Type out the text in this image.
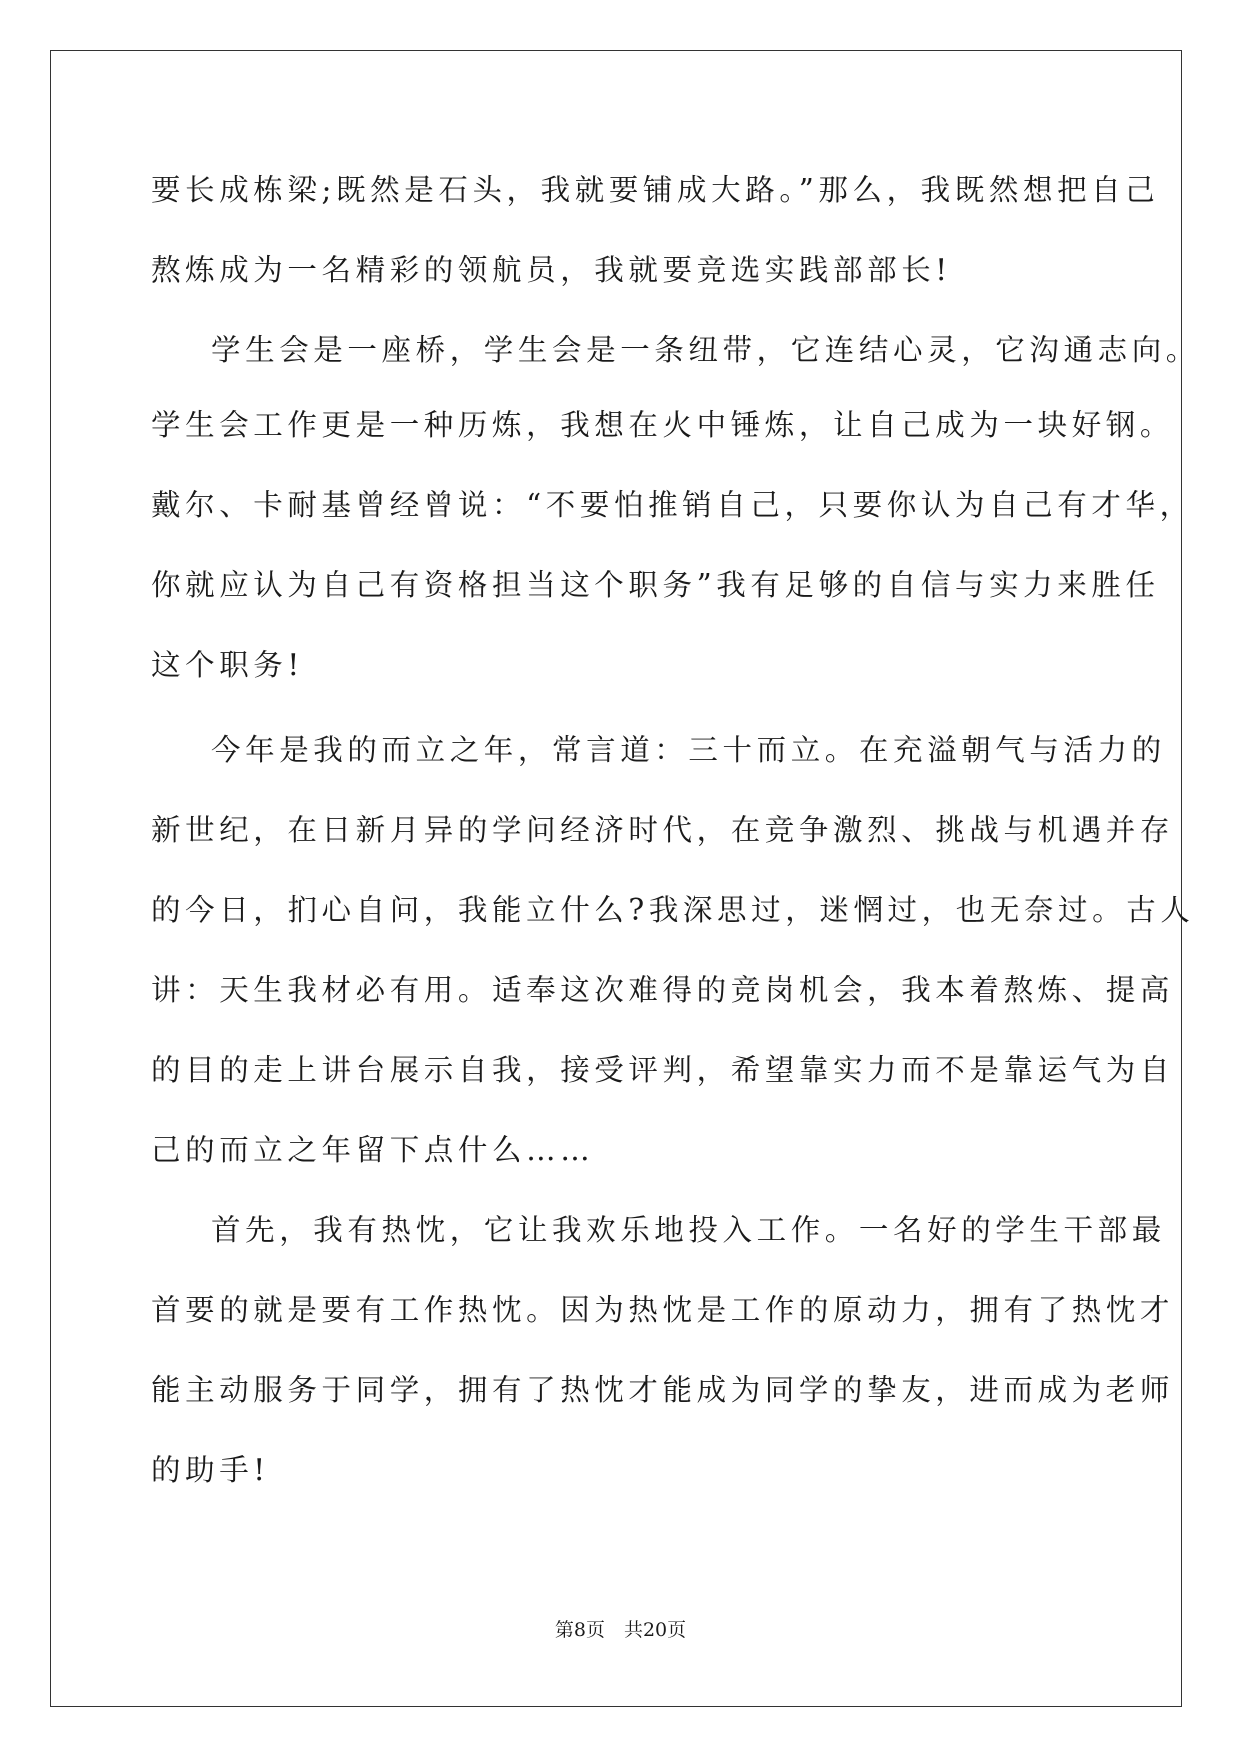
要长成栋梁;既然是石头，我就要铺成大路。”那么，我既然想把自己
熬炼成为一名精彩的领航员，我就要竞选实践部部长!
学生会是一座桥，学生会是一条纽带，它连结心灵，它沟通志向。
学生会工作更是一种历炼，我想在火中锤炼，让自己成为一块好钢。
戴尔、卡耐基曾经曾说：“不要怕推销自己，只要你认为自己有才华，
你就应认为自己有资格担当这个职务”我有足够的自信与实力来胜任
这个职务!
今年是我的而立之年，常言道：三十而立。在充溢朝气与活力的
新世纪，在日新月异的学问经济时代，在竞争激烈、挑战与机遇并存
的今日，扪心自问，我能立什么?我深思过，迷惘过，也无奈过。古人
讲：天生我材必有用。适奉这次难得的竞岗机会，我本着熬炼、提高
的目的走上讲台展示自我，接受评判，希望靠实力而不是靠运气为自
己的而立之年留下点什么……
首先，我有热忱，它让我欢乐地投入工作。一名好的学生干部最
首要的就是要有工作热忱。因为热忱是工作的原动力，拥有了热忱才
能主动服务于同学，拥有了热忱才能成为同学的挚友，进而成为老师
的助手!
第8页　共20页
